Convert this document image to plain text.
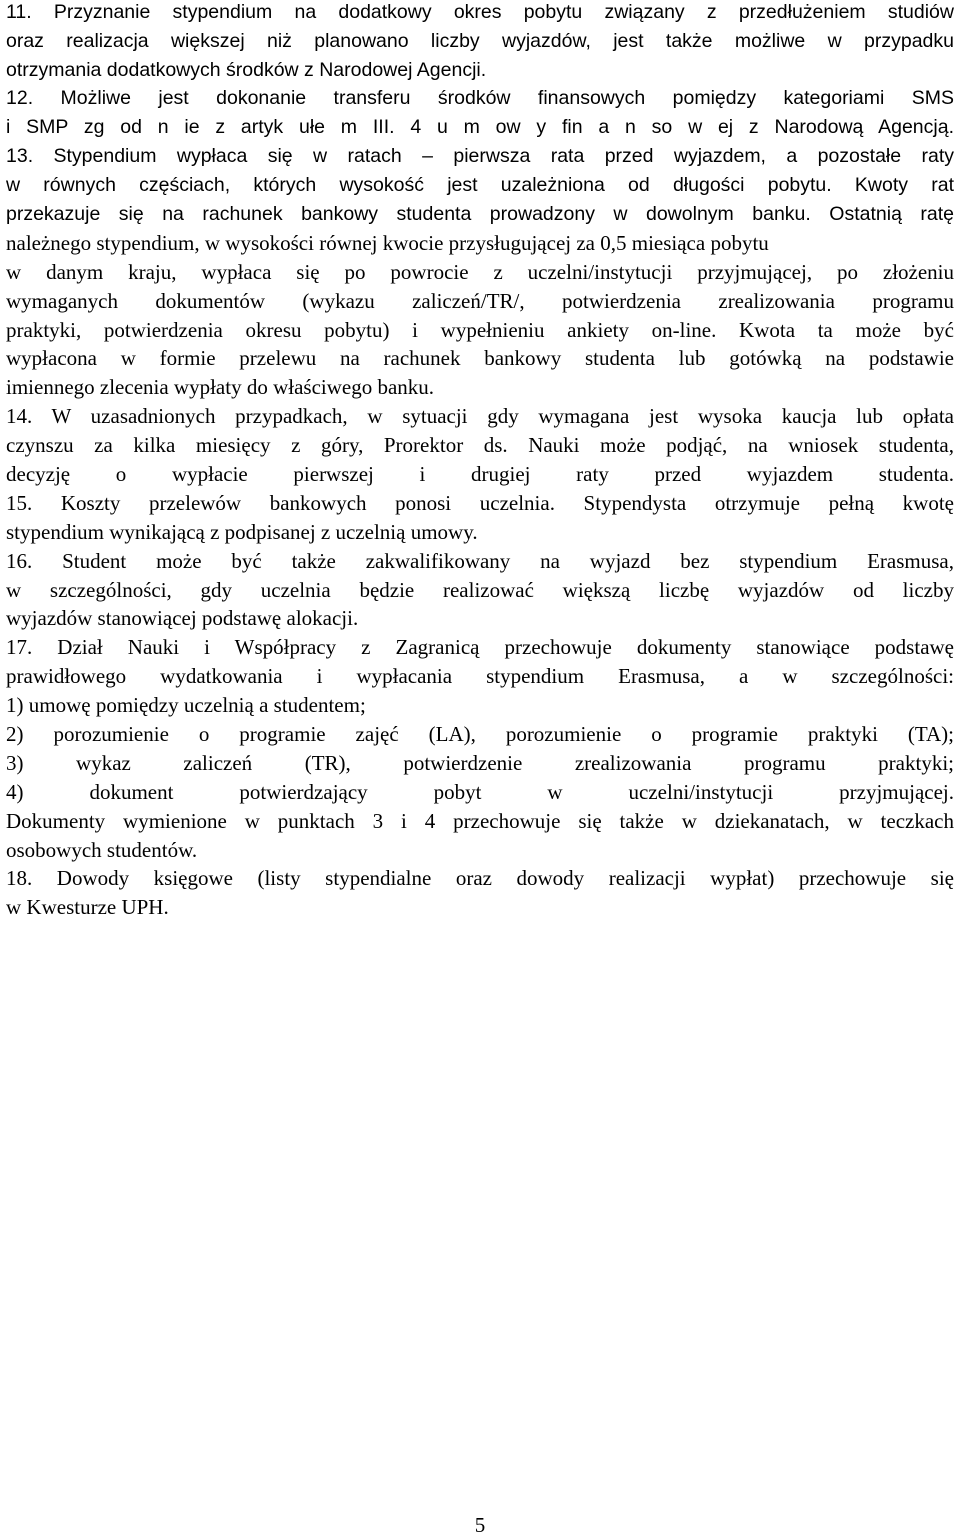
11. Przyznanie stypendium na dodatkowy okres pobytu związany z przedłużeniem studiów
oraz realizacja większej niż planowano liczby wyjazdów, jest także możliwe w przypadku
otrzymania dodatkowych środków z Narodowej Agencji.
12. Możliwe jest dokonanie transferu środków finansowych pomiędzy kategoriami SMS
i SMP zg od n ie z artyk ułe m III. 4 u m ow y fin a n so w ej z Narodową Agencją.
13. Stypendium wypłaca się w ratach – pierwsza rata przed wyjazdem, a pozostałe raty
w równych częściach, których wysokość jest uzależniona od długości pobytu. Kwoty rat
przekazuje się na rachunek bankowy studenta prowadzony w dowolnym banku. Ostatnią ratę
należnego stypendium, w wysokości równej kwocie przysługującej za 0,5 miesiąca pobytu
w danym kraju, wypłaca się po powrocie z uczelni/instytucji przyjmującej, po złożeniu
wymaganych dokumentów (wykazu zaliczeń/TR/, potwierdzenia zrealizowania programu
praktyki, potwierdzenia okresu pobytu) i wypełnieniu ankiety on-line. Kwota ta może być
wypłacona w formie przelewu na rachunek bankowy studenta lub gotówką na podstawie
imiennego zlecenia wypłaty do właściwego banku.
14. W uzasadnionych przypadkach, w sytuacji gdy wymagana jest wysoka kaucja lub opłata
czynszu za kilka miesięcy z góry, Prorektor ds. Nauki może podjąć, na wniosek studenta,
decyzję o wypłacie pierwszej i drugiej raty przed wyjazdem studenta.
15. Koszty przelewów bankowych ponosi uczelnia. Stypendysta otrzymuje pełną kwotę
stypendium wynikającą z podpisanej z uczelnią umowy.
16. Student może być także zakwalifikowany na wyjazd bez stypendium Erasmusa,
w szczególności, gdy uczelnia będzie realizować większą liczbę wyjazdów od liczby
wyjazdów stanowiącej podstawę alokacji.
17. Dział Nauki i Współpracy z Zagranicą przechowuje dokumenty stanowiące podstawę
prawidłowego wydatkowania i wypłacania stypendium Erasmusa, a w szczególności:
1) umowę pomiędzy uczelnią a studentem;
2) porozumienie o programie zajęć (LA), porozumienie o programie praktyki (TA);
3) wykaz zaliczeń (TR), potwierdzenie zrealizowania programu praktyki;
4) dokument potwierdzający pobyt w uczelni/instytucji przyjmującej.
Dokumenty wymienione w punktach 3 i 4 przechowuje się także w dziekanatach, w teczkach
osobowych studentów.
18. Dowody księgowe (listy stypendialne oraz dowody realizacji wypłat) przechowuje się
w Kwesturze UPH.
5
